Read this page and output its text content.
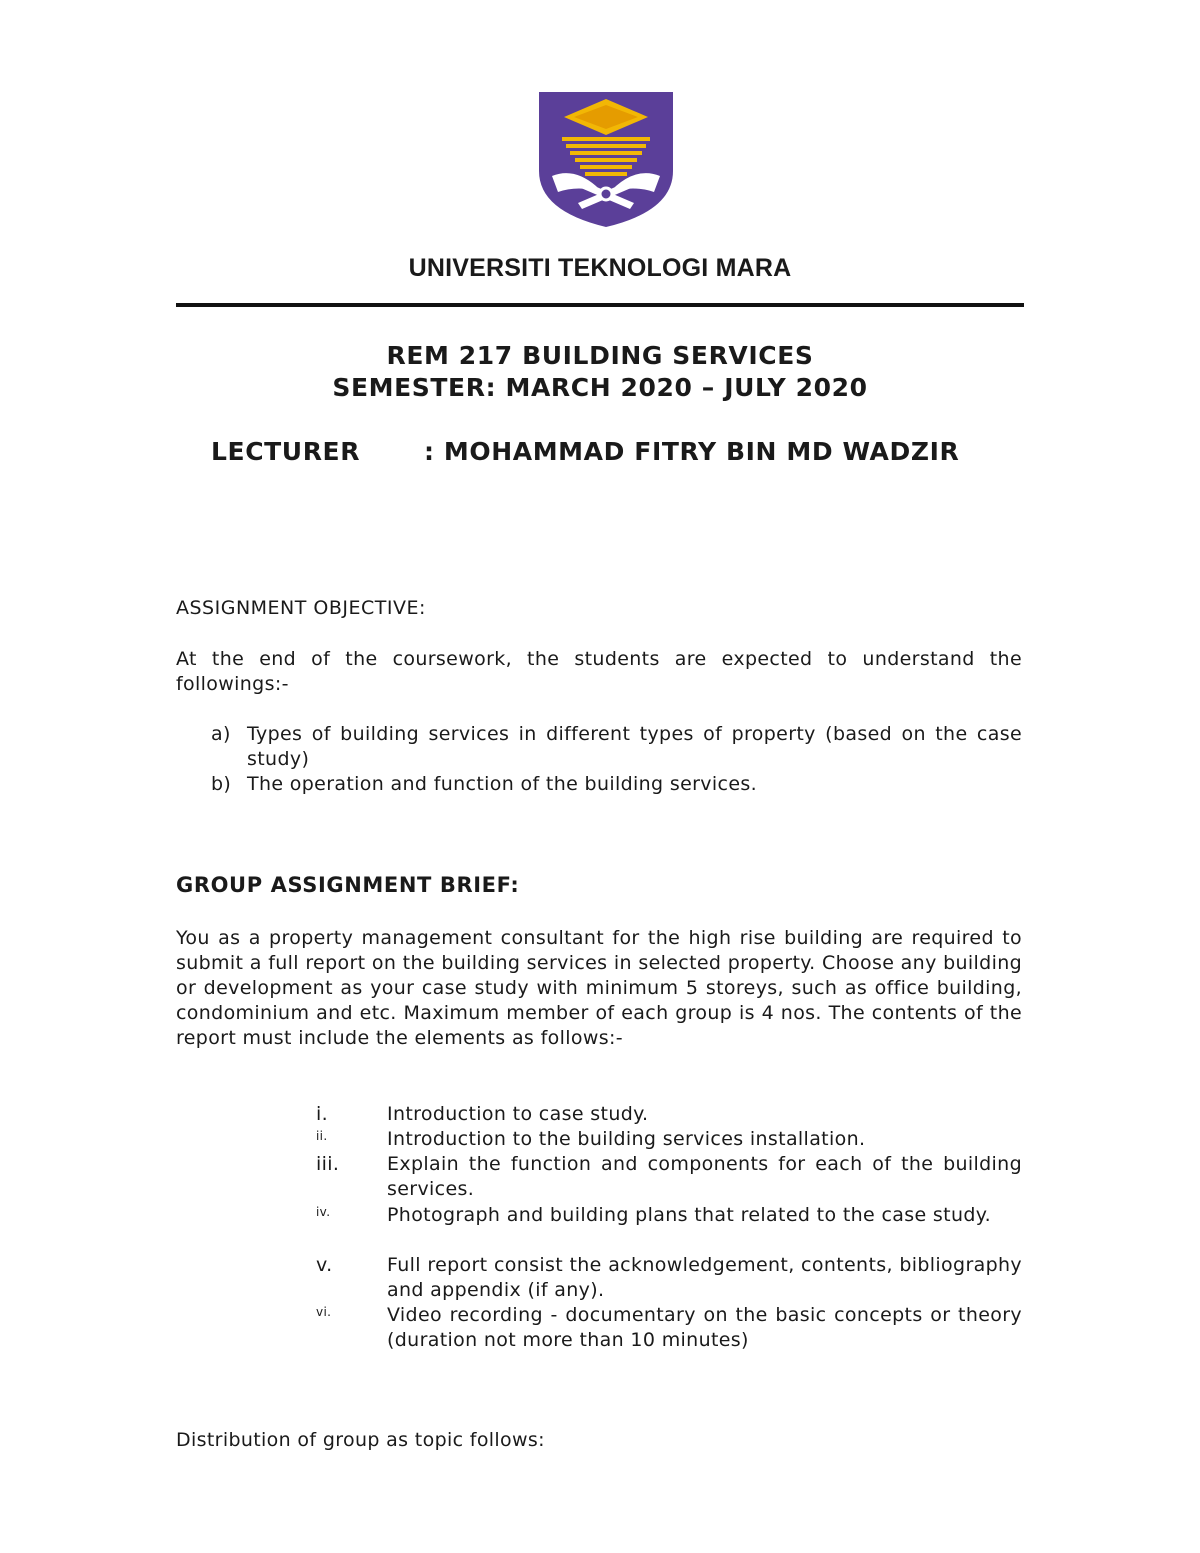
UNIVERSITI TEKNOLOGI MARA
REM 217 BUILDING SERVICES
SEMESTER: MARCH 2020 – JULY 2020
LECTURER	: MOHAMMAD FITRY BIN MD WADZIR
ASSIGNMENT OBJECTIVE:
At the end of the coursework, the students are expected to understand the followings:-
a) Types of building services in different types of property (based on the case study)
b) The operation and function of the building services.
GROUP ASSIGNMENT BRIEF:
You as a property management consultant for the high rise building are required to submit a full report on the building services in selected property. Choose any building or development as your case study with minimum 5 storeys, such as office building, condominium and etc. Maximum member of each group is 4 nos. The contents of the report must include the elements as follows:-
i.	Introduction to case study.
ii.	Introduction to the building services installation.
iii.	Explain the function and components for each of the building services.
iv.	Photograph and building plans that related to the case study.
v.	Full report consist the acknowledgement, contents, bibliography and appendix (if any).
vi.	Video recording - documentary on the basic concepts or theory (duration not more than 10 minutes)
Distribution of group as topic follows:
